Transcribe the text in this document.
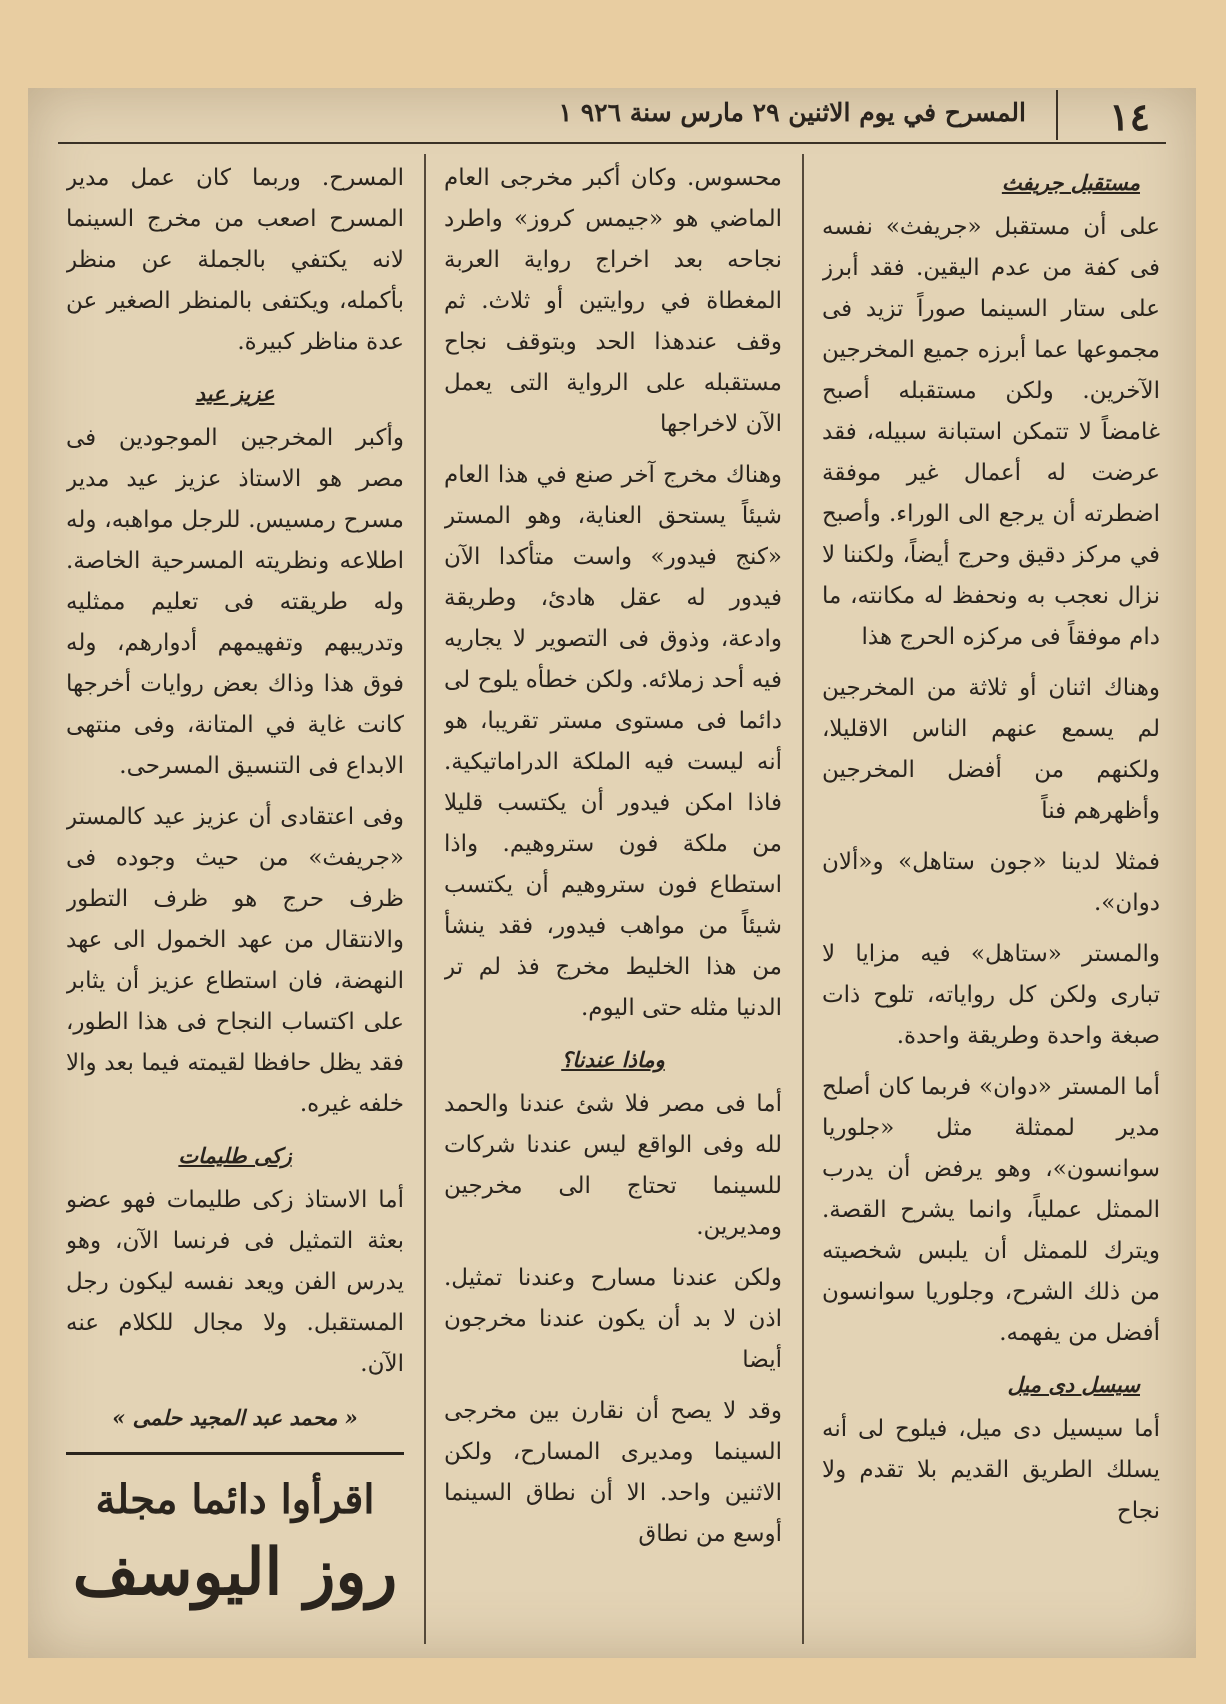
١٤
المسرح في يوم الاثنين ٢٩ مارس سنة ٩٢٦ ١
مستقبل جريفث

على أن مستقبل «جريفث» نفسه فى كفة من عدم اليقين. فقد أبرز على ستار السينما صوراً تزيد فى مجموعها عما أبرزه جميع المخرجين الآخرين. ولكن مستقبله أصبح غامضاً لا تتمكن استبانة سبيله، فقد عرضت له أعمال غير موفقة اضطرته أن يرجع الى الوراء. وأصبح في مركز دقيق وحرج أيضاً، ولكننا لا نزال نعجب به ونحفظ له مكانته، ما دام موفقاً فى مركزه الحرج هذا

وهناك اثنان أو ثلاثة من المخرجين لم يسمع عنهم الناس الاقليلا، ولكنهم من أفضل المخرجين وأظهرهم فناً

فمثلا لدينا «جون ستاهل» و«ألان دوان».

والمستر «ستاهل» فيه مزايا لا تبارى ولكن كل رواياته، تلوح ذات صبغة واحدة وطريقة واحدة.

أما المستر «دوان» فربما كان أصلح مدير لممثلة مثل «جلوريا سوانسون»، وهو يرفض أن يدرب الممثل عملياً، وانما يشرح القصة. ويترك للممثل أن يلبس شخصيته من ذلك الشرح، وجلوريا سوانسون أفضل من يفهمه.

سيسل دى ميل

أما سيسيل دى ميل، فيلوح لى أنه يسلك الطريق القديم بلا تقدم ولا نجاح

محسوس. وكان أكبر مخرجى العام الماضي هو «جيمس كروز» واطرد نجاحه بعد اخراج رواية العربة المغطاة في روايتين أو ثلاث. ثم وقف عندهذا الحد وبتوقف نجاح مستقبله على الرواية التى يعمل الآن لاخراجها

وهناك مخرج آخر صنع في هذا العام شيئاً يستحق العناية، وهو المستر «كنج فيدور» واست متأكدا الآن فيدور له عقل هادئ، وطريقة وادعة، وذوق فى التصوير لا يجاريه فيه أحد زملائه. ولكن خطأه يلوح لى دائما فى مستوى مستر تقريبا، هو أنه ليست فيه الملكة الدراماتيكية. فاذا امكن فيدور أن يكتسب قليلا من ملكة فون ستروهيم. واذا استطاع فون ستروهيم أن يكتسب شيئاً من مواهب فيدور، فقد ينشأ من هذا الخليط مخرج فذ لم تر الدنيا مثله حتى اليوم.

وماذا عندنا؟

أما فى مصر فلا شئ عندنا والحمد لله وفى الواقع ليس عندنا شركات للسينما تحتاج الى مخرجين ومديرين.

ولكن عندنا مسارح وعندنا تمثيل. اذن لا بد أن يكون عندنا مخرجون أيضا

وقد لا يصح أن نقارن بين مخرجى السينما ومديرى المسارح، ولكن الاثنين واحد. الا أن نطاق السينما أوسع من نطاق

المسرح. وربما كان عمل مدير المسرح اصعب من مخرج السينما لانه يكتفي بالجملة عن منظر بأكمله، ويكتفى بالمنظر الصغير عن عدة مناظر كبيرة.

عزيز عيد

وأكبر المخرجين الموجودين فى مصر هو الاستاذ عزيز عيد مدير مسرح رمسيس. للرجل مواهبه، وله اطلاعه ونظريته المسرحية الخاصة. وله طريقته فى تعليم ممثليه وتدريبهم وتفهيمهم أدوارهم، وله فوق هذا وذاك بعض روايات أخرجها كانت غاية في المتانة، وفى منتهى الابداع فى التنسيق المسرحى.

وفى اعتقادى أن عزيز عيد كالمستر «جريفث» من حيث وجوده فى ظرف حرج هو ظرف التطور والانتقال من عهد الخمول الى عهد النهضة، فان استطاع عزيز أن يثابر على اكتساب النجاح فى هذا الطور، فقد يظل حافظا لقيمته فيما بعد والا خلفه غيره.

زكى طليمات

أما الاستاذ زكى طليمات فهو عضو بعثة التمثيل فى فرنسا الآن، وهو يدرس الفن ويعد نفسه ليكون رجل المستقبل. ولا مجال للكلام عنه الآن.

« محمد عبد المجيد حلمى »
اقرأوا دائما مجلة
روز اليوسف
